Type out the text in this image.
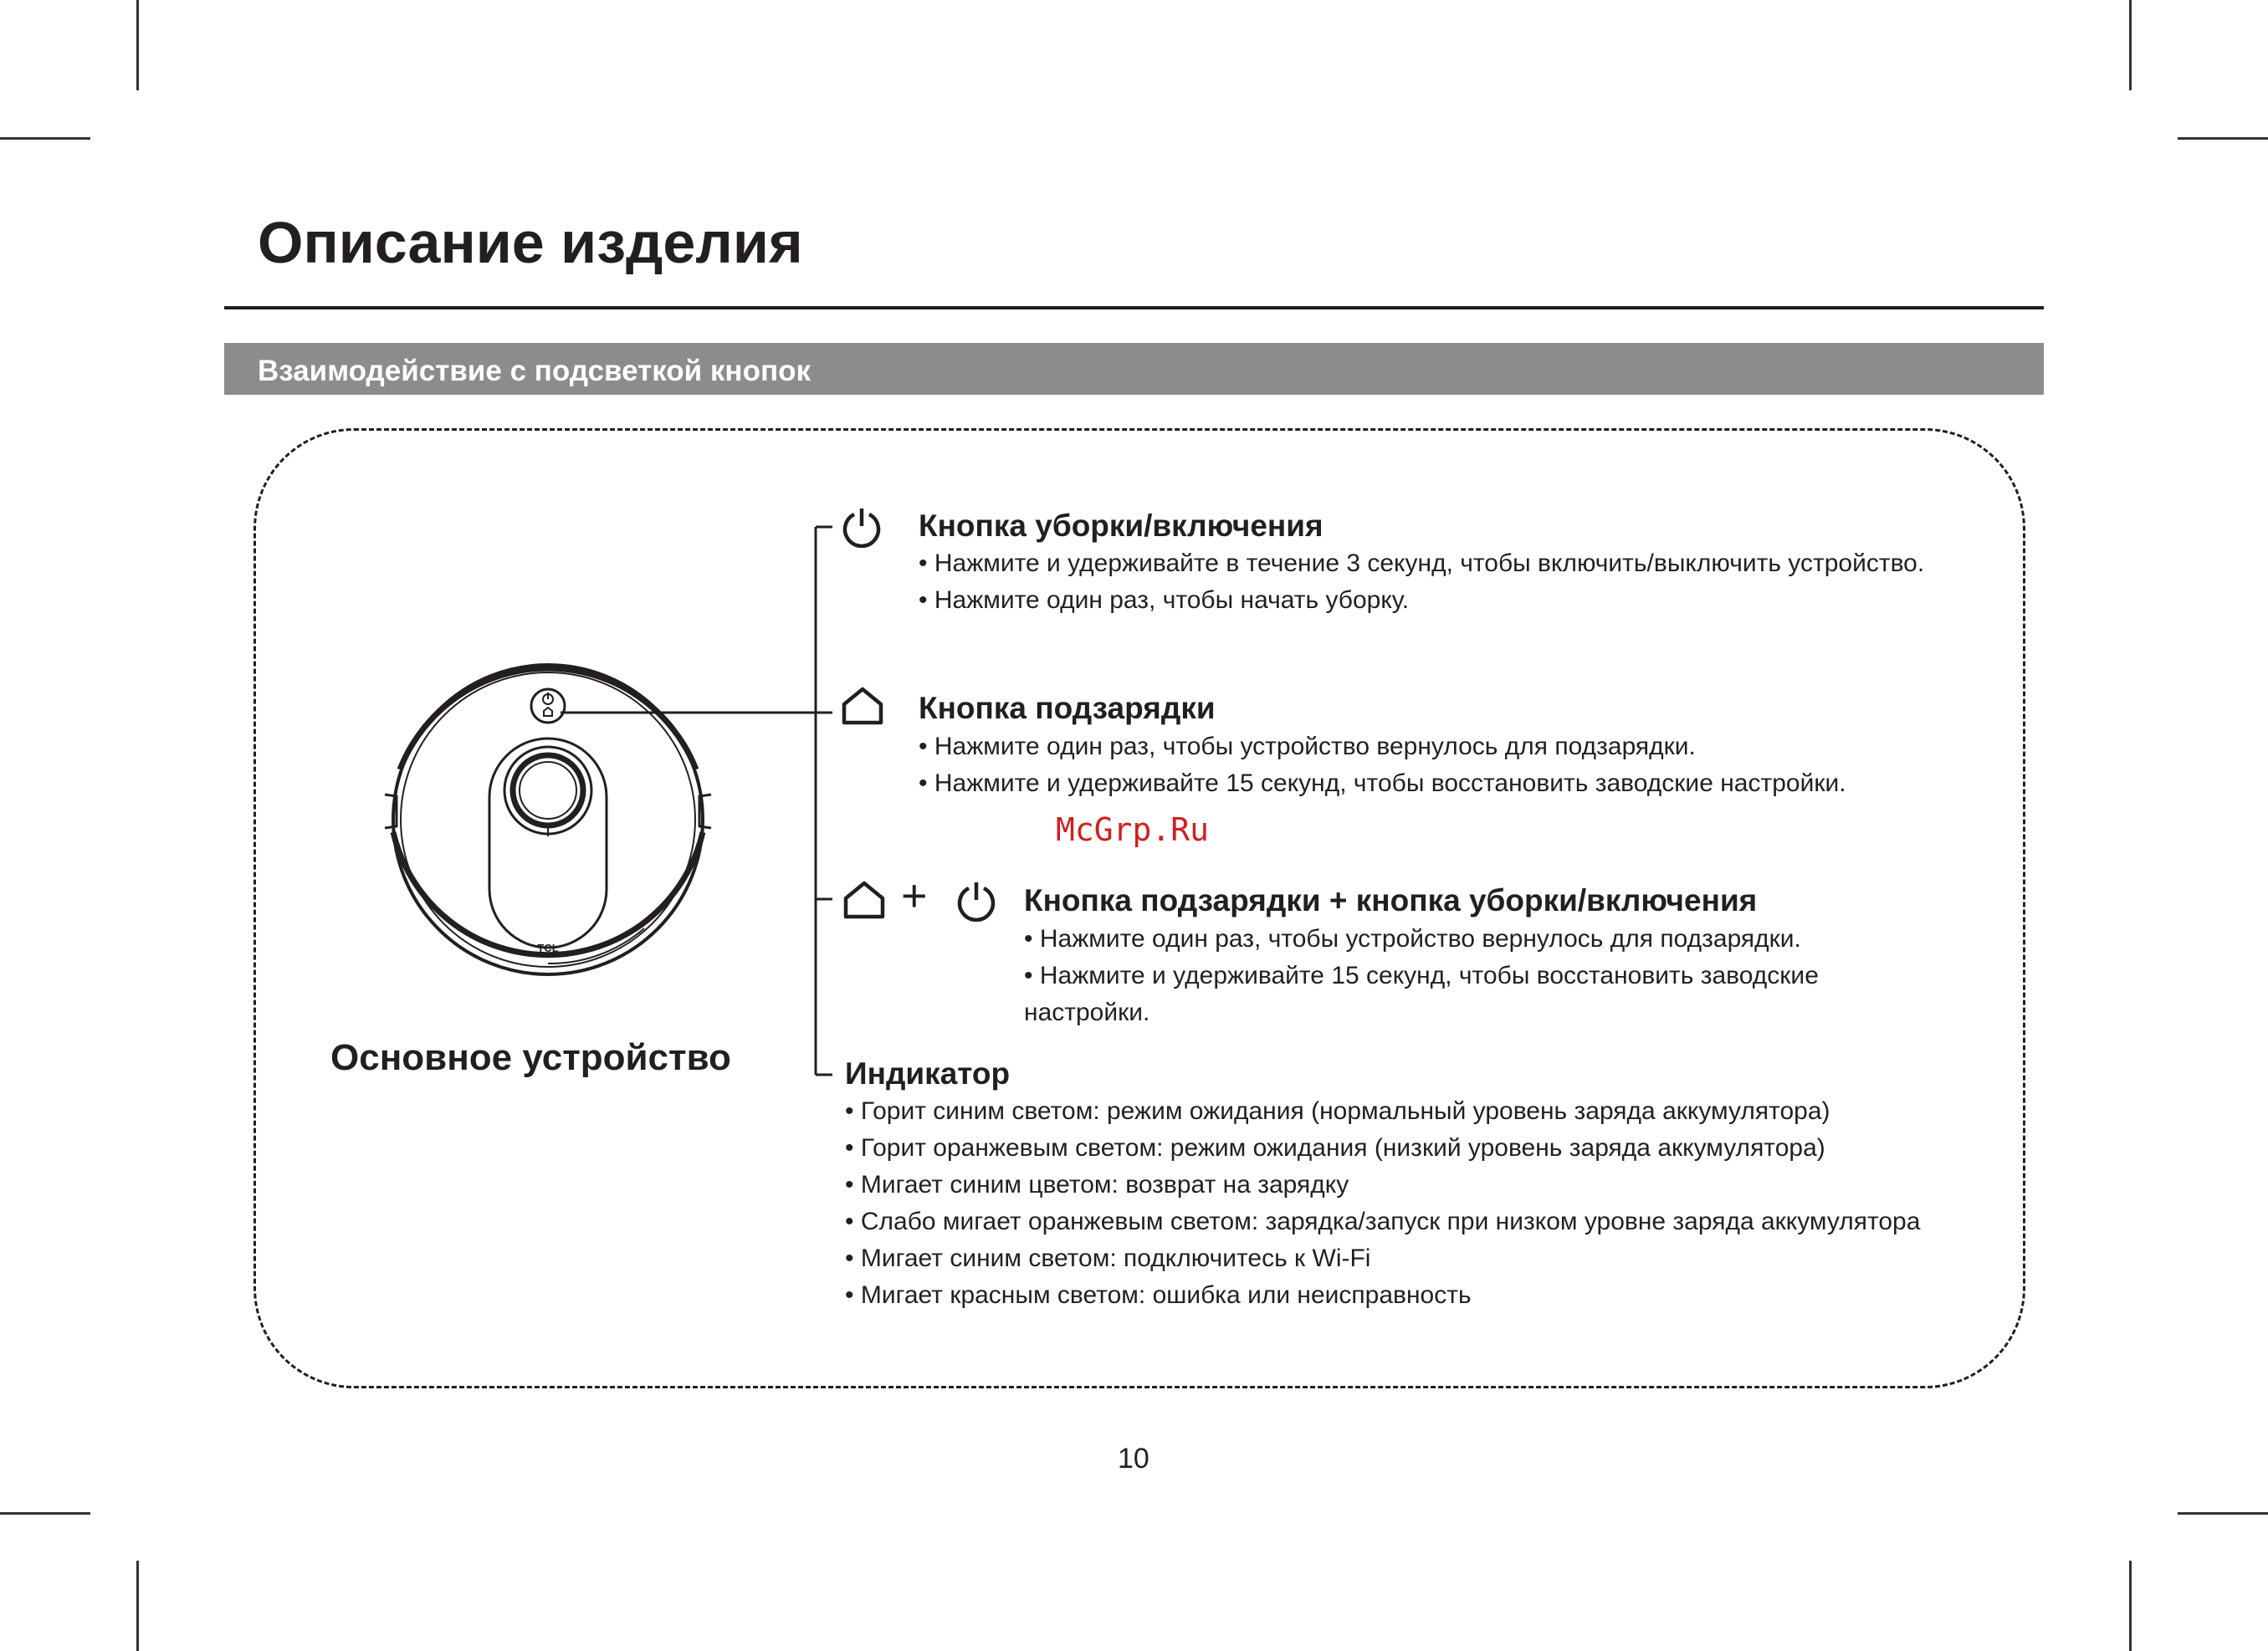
Описание изделия
Взаимодействие с подсветкой кнопок
TCL
Кнопка уборки/включения
• Нажмите и удерживайте в течение 3 секунд, чтобы включить/выключить устройство.
• Нажмите один раз, чтобы начать уборку.
Кнопка подзарядки
• Нажмите один раз, чтобы устройство вернулось для подзарядки.
• Нажмите и удерживайте 15 секунд, чтобы восстановить заводские настройки.
McGrp.Ru
+	Кнопка подзарядки + кнопка уборки/включения
• Нажмите один раз, чтобы устройство вернулось для подзарядки.
• Нажмите и удерживайте 15 секунд, чтобы восстановить заводские
настройки.
Индикатор
• Горит синим светом: режим ожидания (нормальный уровень заряда аккумулятора)
• Горит оранжевым светом: режим ожидания (низкий уровень заряда аккумулятора)
• Мигает синим цветом: возврат на зарядку
• Слабо мигает оранжевым светом: зарядка/запуск при низком уровне заряда аккумулятора
• Мигает синим светом: подключитесь к Wi-Fi
• Мигает красным светом: ошибка или неисправность
Основное устройство
10
